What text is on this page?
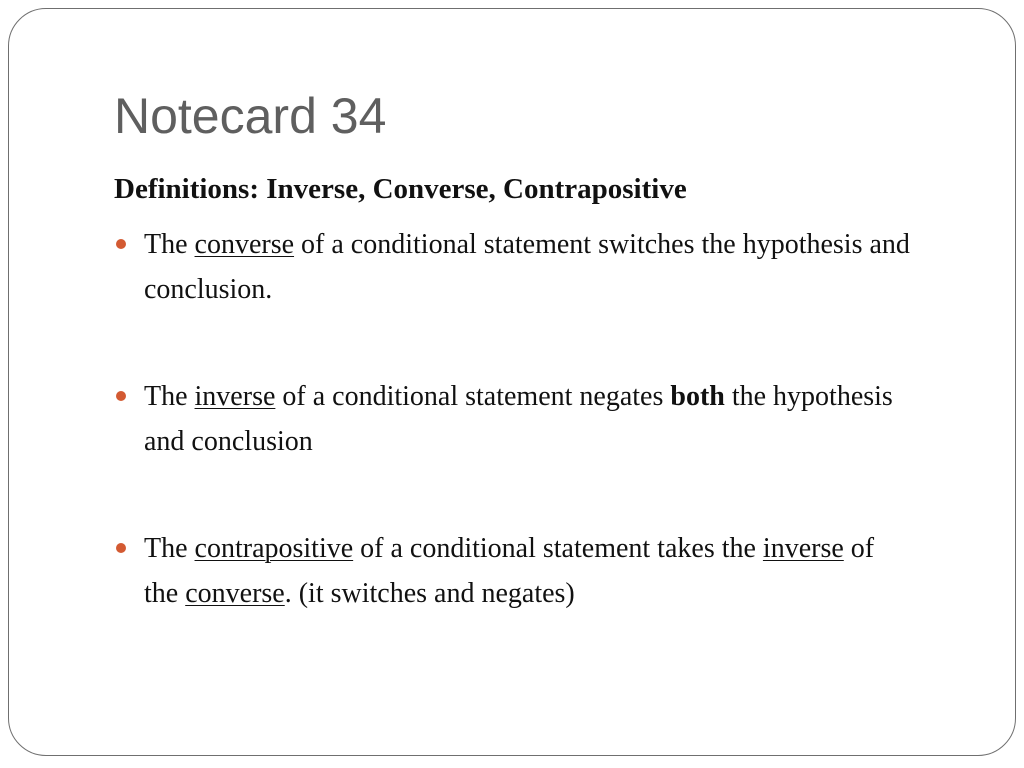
Notecard 34
Definitions: Inverse, Converse, Contrapositive
The converse of a conditional statement switches the hypothesis and conclusion.
The inverse of a conditional statement negates both the hypothesis and conclusion
The contrapositive of a conditional statement takes the inverse of the converse. (it switches and negates)
